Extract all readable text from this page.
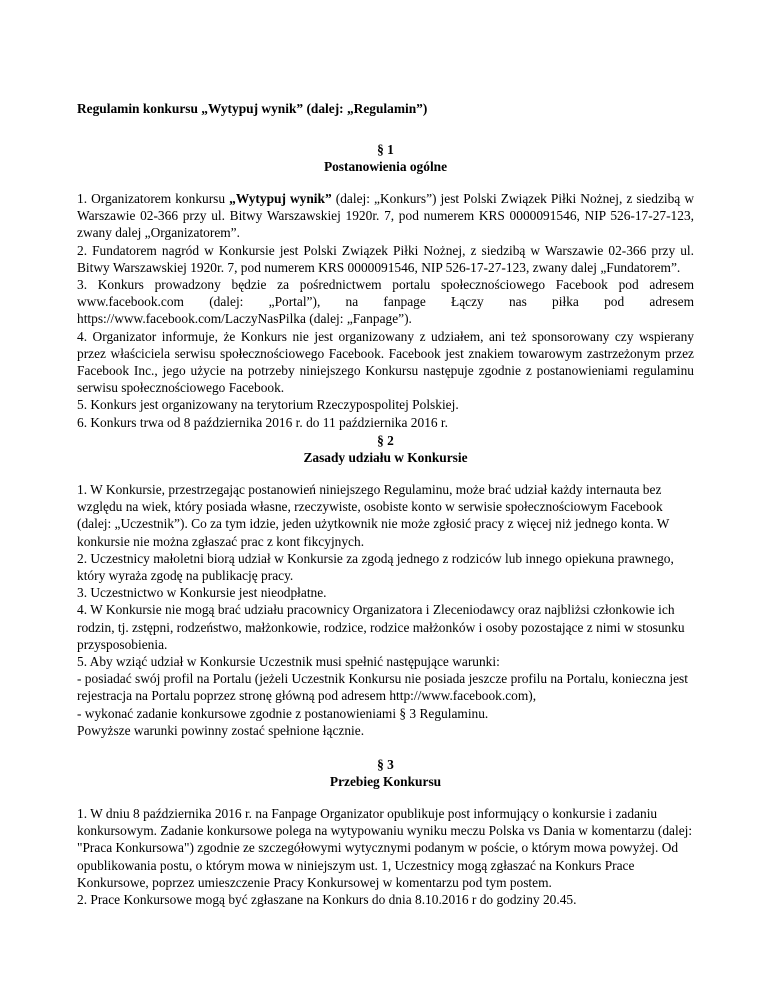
Regulamin konkursu „Wytypuj wynik” (dalej: „Regulamin”)

§ 1
Postanowienia ogólne

1. Organizatorem konkursu „Wytypuj wynik” (dalej: „Konkurs”) jest Polski Związek Piłki Nożnej, z siedzibą w Warszawie 02-366 przy ul. Bitwy Warszawskiej 1920r. 7, pod numerem KRS 0000091546, NIP 526-17-27-123, zwany dalej „Organizatorem”.

2. Fundatorem nagród w Konkursie jest Polski Związek Piłki Nożnej, z siedzibą w Warszawie 02-366 przy ul. Bitwy Warszawskiej 1920r. 7, pod numerem KRS 0000091546, NIP 526-17-27-123, zwany dalej „Fundatorem”.

3. Konkurs prowadzony będzie za pośrednictwem portalu społecznościowego Facebook pod adresem www.facebook.com (dalej: „Portal”), na fanpage Łączy nas piłka pod adresem

https://www.facebook.com/LaczyNasPilka (dalej: „Fanpage”).

4. Organizator informuje, że Konkurs nie jest organizowany z udziałem, ani też sponsorowany czy wspierany przez właściciela serwisu społecznościowego Facebook. Facebook jest znakiem towarowym zastrzeżonym przez Facebook Inc., jego użycie na potrzeby niniejszego Konkursu następuje zgodnie z postanowieniami regulaminu serwisu społecznościowego Facebook.

5. Konkurs jest organizowany na terytorium Rzeczypospolitej Polskiej.

6. Konkurs trwa od 8 października 2016 r. do 11 października 2016 r.

§ 2
Zasady udziału w Konkursie

1. W Konkursie, przestrzegając postanowień niniejszego Regulaminu, może brać udział każdy internauta bez względu na wiek, który posiada własne, rzeczywiste, osobiste konto w serwisie społecznościowym Facebook (dalej: „Uczestnik”). Co za tym idzie, jeden użytkownik nie może zgłosić pracy z więcej niż jednego konta. W konkursie nie można zgłaszać prac z kont fikcyjnych.

2. Uczestnicy małoletni biorą udział w Konkursie za zgodą jednego z rodziców lub innego opiekuna prawnego, który wyraża zgodę na publikację pracy.

3. Uczestnictwo w Konkursie jest nieodpłatne.

4. W Konkursie nie mogą brać udziału pracownicy Organizatora i Zleceniodawcy oraz najbliżsi członkowie ich rodzin, tj. zstępni, rodzeństwo, małżonkowie, rodzice, rodzice małżonków i osoby pozostające z nimi w stosunku przysposobienia.

5. Aby wziąć udział w Konkursie Uczestnik musi spełnić następujące warunki:

- posiadać swój profil na Portalu (jeżeli Uczestnik Konkursu nie posiada jeszcze profilu na Portalu, konieczna jest rejestracja na Portalu poprzez stronę główną pod adresem http://www.facebook.com),

- wykonać zadanie konkursowe zgodnie z postanowieniami § 3 Regulaminu.

Powyższe warunki powinny zostać spełnione łącznie.

§ 3
Przebieg Konkursu

1. W dniu 8 października 2016 r. na Fanpage Organizator opublikuje post informujący o konkursie i zadaniu konkursowym. Zadanie konkursowe polega na wytypowaniu wyniku meczu Polska vs Dania w komentarzu (dalej: "Praca Konkursowa") zgodnie ze szczegółowymi wytycznymi podanym w poście, o którym mowa powyżej. Od opublikowania postu, o którym mowa w niniejszym ust. 1, Uczestnicy mogą zgłaszać na Konkurs Prace Konkursowe, poprzez umieszczenie Pracy Konkursowej w komentarzu pod tym postem.

2. Prace Konkursowe mogą być zgłaszane na Konkurs do dnia 8.10.2016 r do godziny 20.45.
